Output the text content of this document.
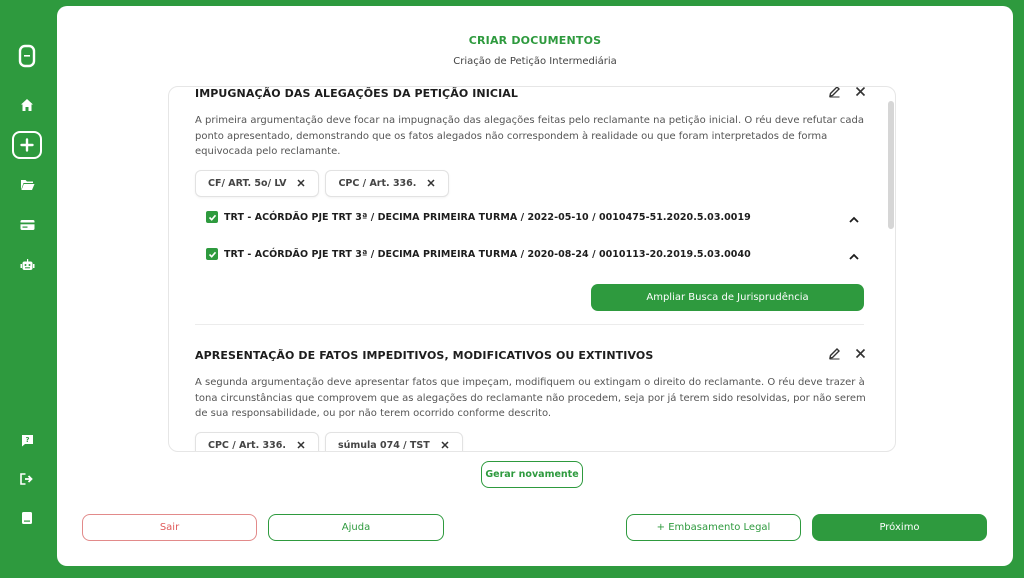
?
CRIAR DOCUMENTOS
Criação de Petição Intermediária
IMPUGNAÇÃO DAS ALEGAÇÕES DA PETIÇÃO INICIAL

A primeira argumentação deve focar na impugnação das alegações feitas pelo reclamante na petição inicial. O réu deve refutar cada ponto apresentado, demonstrando que os fatos alegados não correspondem à realidade ou que foram interpretados de forma equivocada pelo reclamante.

CF/ ART. 5o/ LV	CPC / Art. 336.
TRT - ACÓRDÃO PJE TRT 3ª / DECIMA PRIMEIRA TURMA / 2022-05-10 / 0010475-51.2020.5.03.0019
TRT - ACÓRDÃO PJE TRT 3ª / DECIMA PRIMEIRA TURMA / 2020-08-24 / 0010113-20.2019.5.03.0040
Ampliar Busca de Jurisprudência
APRESENTAÇÃO DE FATOS IMPEDITIVOS, MODIFICATIVOS OU EXTINTIVOS

A segunda argumentação deve apresentar fatos que impeçam, modifiquem ou extingam o direito do reclamante. O réu deve trazer à tona circunstâncias que comprovem que as alegações do reclamante não procedem, seja por já terem sido resolvidas, por não serem de sua responsabilidade, ou por não terem ocorrido conforme descrito.

CPC / Art. 336.	súmula 074 / TST
Gerar novamente
Sair	Ajuda	+ Embasamento Legal	Próximo
